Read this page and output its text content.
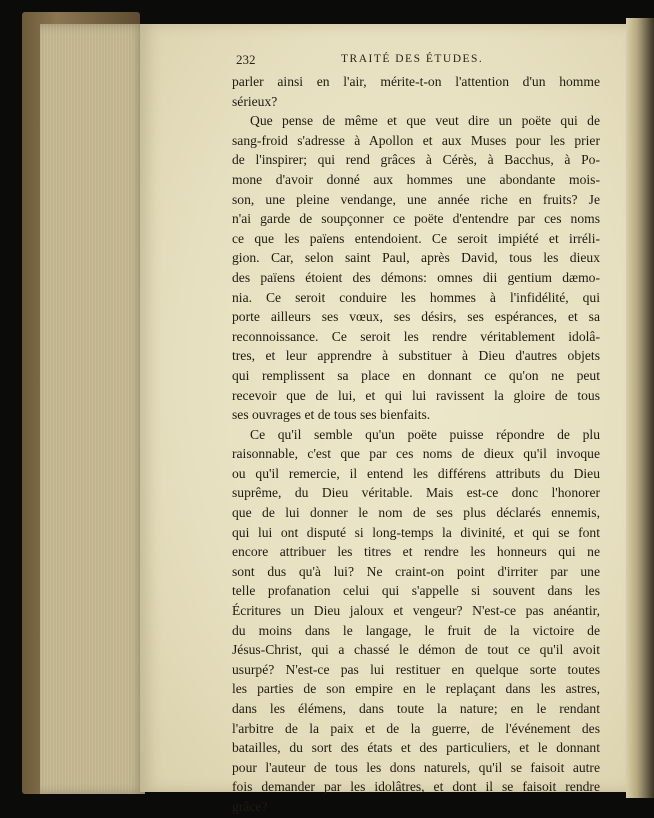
232	TRAITÉ DES ÉTUDES.
parler ainsi en l'air, mérite-t-on l'attention d'un homme
sérieux?
Que pense de même et que veut dire un poëte qui de
sang-froid s'adresse à Apollon et aux Muses pour les prier
de l'inspirer; qui rend grâces à Cérès, à Bacchus, à Po-
mone d'avoir donné aux hommes une abondante mois-
son, une pleine vendange, une année riche en fruits? Je
n'ai garde de soupçonner ce poëte d'entendre par ces noms
ce que les païens entendoient. Ce seroit impiété et irréli-
gion. Car, selon saint Paul, après David, tous les dieux
des païens étoient des démons: omnes dii gentium dæmo-
nia. Ce seroit conduire les hommes à l'infidélité, qui
porte ailleurs ses vœux, ses désirs, ses espérances, et sa
reconnoissance. Ce seroit les rendre véritablement idolâ-
tres, et leur apprendre à substituer à Dieu d'autres objets
qui remplissent sa place en donnant ce qu'on ne peut
recevoir que de lui, et qui lui ravissent la gloire de tous
ses ouvrages et de tous ses bienfaits.
Ce qu'il semble qu'un poëte puisse répondre de plu
raisonnable, c'est que par ces noms de dieux qu'il invoque
ou qu'il remercie, il entend les différens attributs du Dieu
suprême, du Dieu véritable. Mais est-ce donc l'honorer
que de lui donner le nom de ses plus déclarés ennemis,
qui lui ont disputé si long-temps la divinité, et qui se font
encore attribuer les titres et rendre les honneurs qui ne
sont dus qu'à lui? Ne craint-on point d'irriter par une
telle profanation celui qui s'appelle si souvent dans les
Écritures un Dieu jaloux et vengeur? N'est-ce pas anéantir,
du moins dans le langage, le fruit de la victoire de
Jésus-Christ, qui a chassé le démon de tout ce qu'il avoit
usurpé? N'est-ce pas lui restituer en quelque sorte toutes
les parties de son empire en le replaçant dans les astres,
dans les élémens, dans toute la nature; en le rendant
l'arbitre de la paix et de la guerre, de l'événement des
batailles, du sort des états et des particuliers, et le donnant
pour l'auteur de tous les dons naturels, qu'il se faisoit autre
fois demander par les idolâtres, et dont il se faisoit rendre
grâce?
